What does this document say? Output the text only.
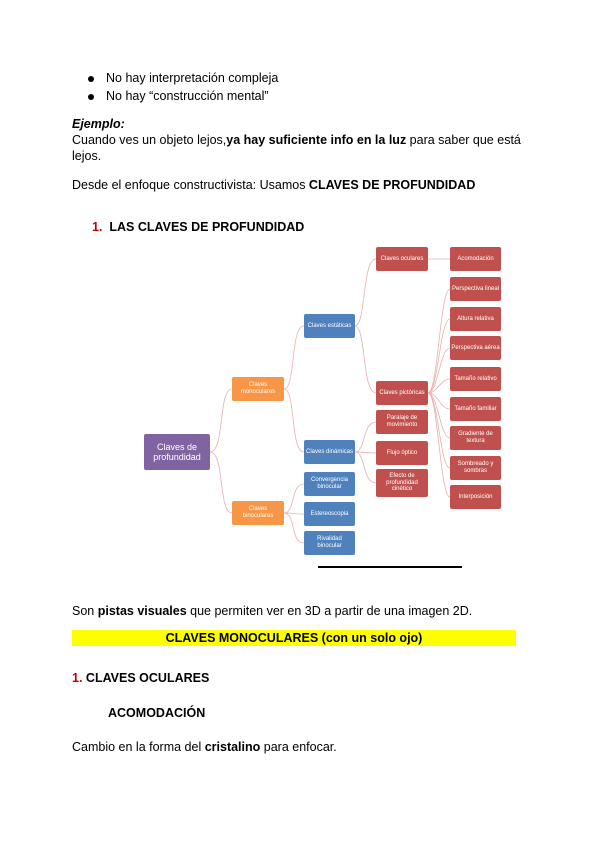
No hay interpretación compleja
No hay “construcción mental”
Ejemplo:
Cuando ves un objeto lejos,ya hay suficiente info en la luz para saber que está
lejos.
Desde el enfoque constructivista: Usamos CLAVES DE PROFUNDIDAD
1. LAS CLAVES DE PROFUNDIDAD
Claves de profundidad
Claves monoculares
Claves binoculares
Claves estáticas
Claves dinámicas
Convergencia binocular
Estereoscopia
Rivalidad binocular
Claves oculares
Claves pictóricas
Paralaje de movimiento
Flujo óptico
Efecto de profundidad cinético
Acomodación
Perspectiva lineal
Altura relativa
Perspectiva aérea
Tamaño relativo
Tamaño familiar
Gradiente de textura
Sombreado y sombras
Interposición
Son pistas visuales que permiten ver en 3D a partir de una imagen 2D.
CLAVES MONOCULARES (con un solo ojo)
1. CLAVES OCULARES
ACOMODACIÓN
Cambio en la forma del cristalino para enfocar.
